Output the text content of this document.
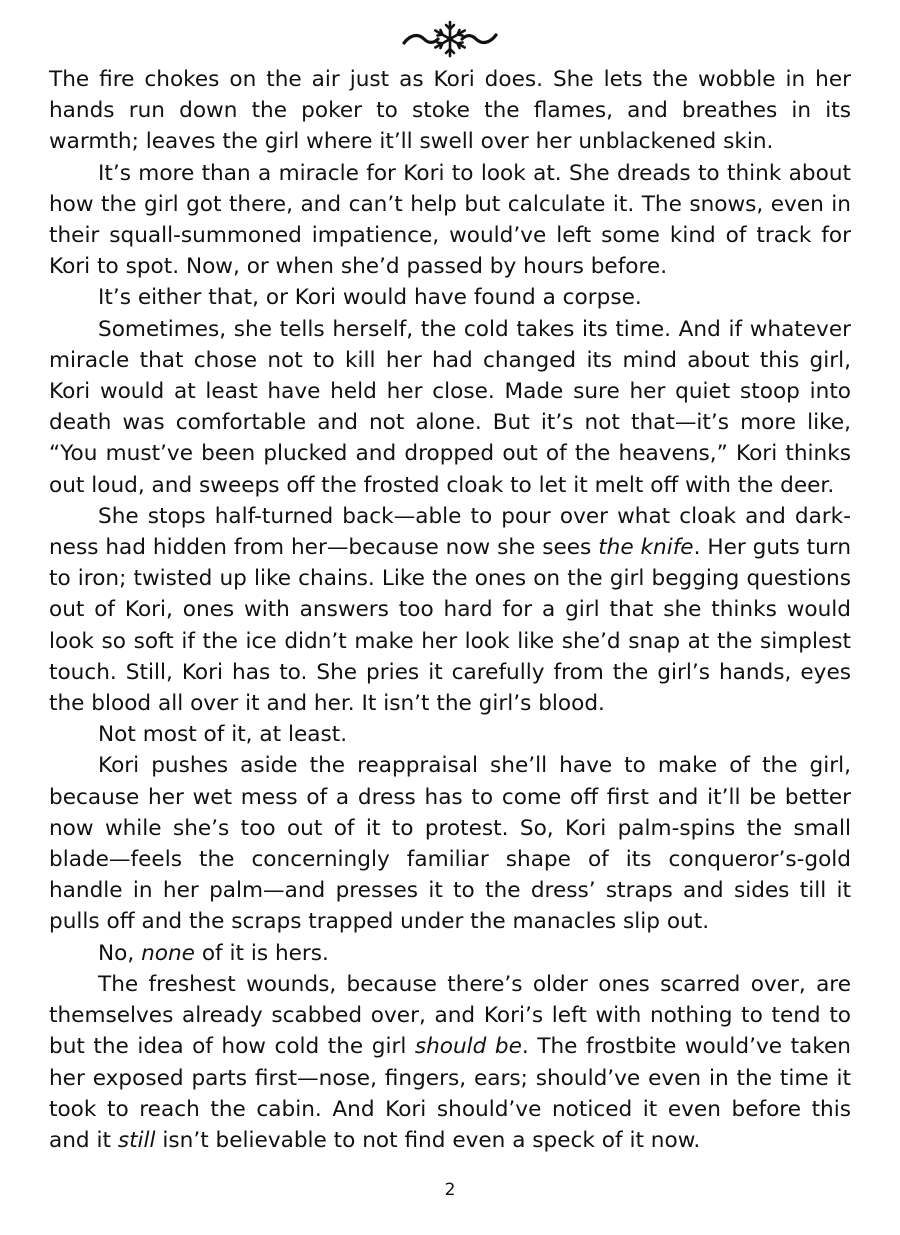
The fire chokes on the air just as Kori does. She lets the wobble in her hands run down the poker to stoke the flames, and breathes in its warmth; leaves the girl where it’ll swell over her unblackened skin.

It’s more than a miracle for Kori to look at. She dreads to think about how the girl got there, and can’t help but calculate it. The snows, even in their squall-summoned impatience, would’ve left some kind of track for Kori to spot. Now, or when she’d passed by hours before.

It’s either that, or Kori would have found a corpse.

Sometimes, she tells herself, the cold takes its time. And if whatever miracle that chose not to kill her had changed its mind about this girl, Kori would at least have held her close. Made sure her quiet stoop into death was comfortable and not alone. But it’s not that—it’s more like, “You must’ve been plucked and dropped out of the heavens,” Kori thinks out loud, and sweeps off the frosted cloak to let it melt off with the deer.

She stops half-turned back—able to pour over what cloak and darkness had hidden from her—because now she sees the knife. Her guts turn to iron; twisted up like chains. Like the ones on the girl begging questions out of Kori, ones with answers too hard for a girl that she thinks would look so soft if the ice didn’t make her look like she’d snap at the simplest touch. Still, Kori has to. She pries it carefully from the girl’s hands, eyes the blood all over it and her. It isn’t the girl’s blood.

Not most of it, at least.

Kori pushes aside the reappraisal she’ll have to make of the girl, because her wet mess of a dress has to come off first and it’ll be better now while she’s too out of it to protest. So, Kori palm-spins the small blade—feels the concerningly familiar shape of its conqueror’s-gold handle in her palm—and presses it to the dress’ straps and sides till it pulls off and the scraps trapped under the manacles slip out.

No, none of it is hers.

The freshest wounds, because there’s older ones scarred over, are themselves already scabbed over, and Kori’s left with nothing to tend to but the idea of how cold the girl should be. The frostbite would’ve taken her exposed parts first—nose, fingers, ears; should’ve even in the time it took to reach the cabin. And Kori should’ve noticed it even before this and it still isn’t believable to not find even a speck of it now.

2
